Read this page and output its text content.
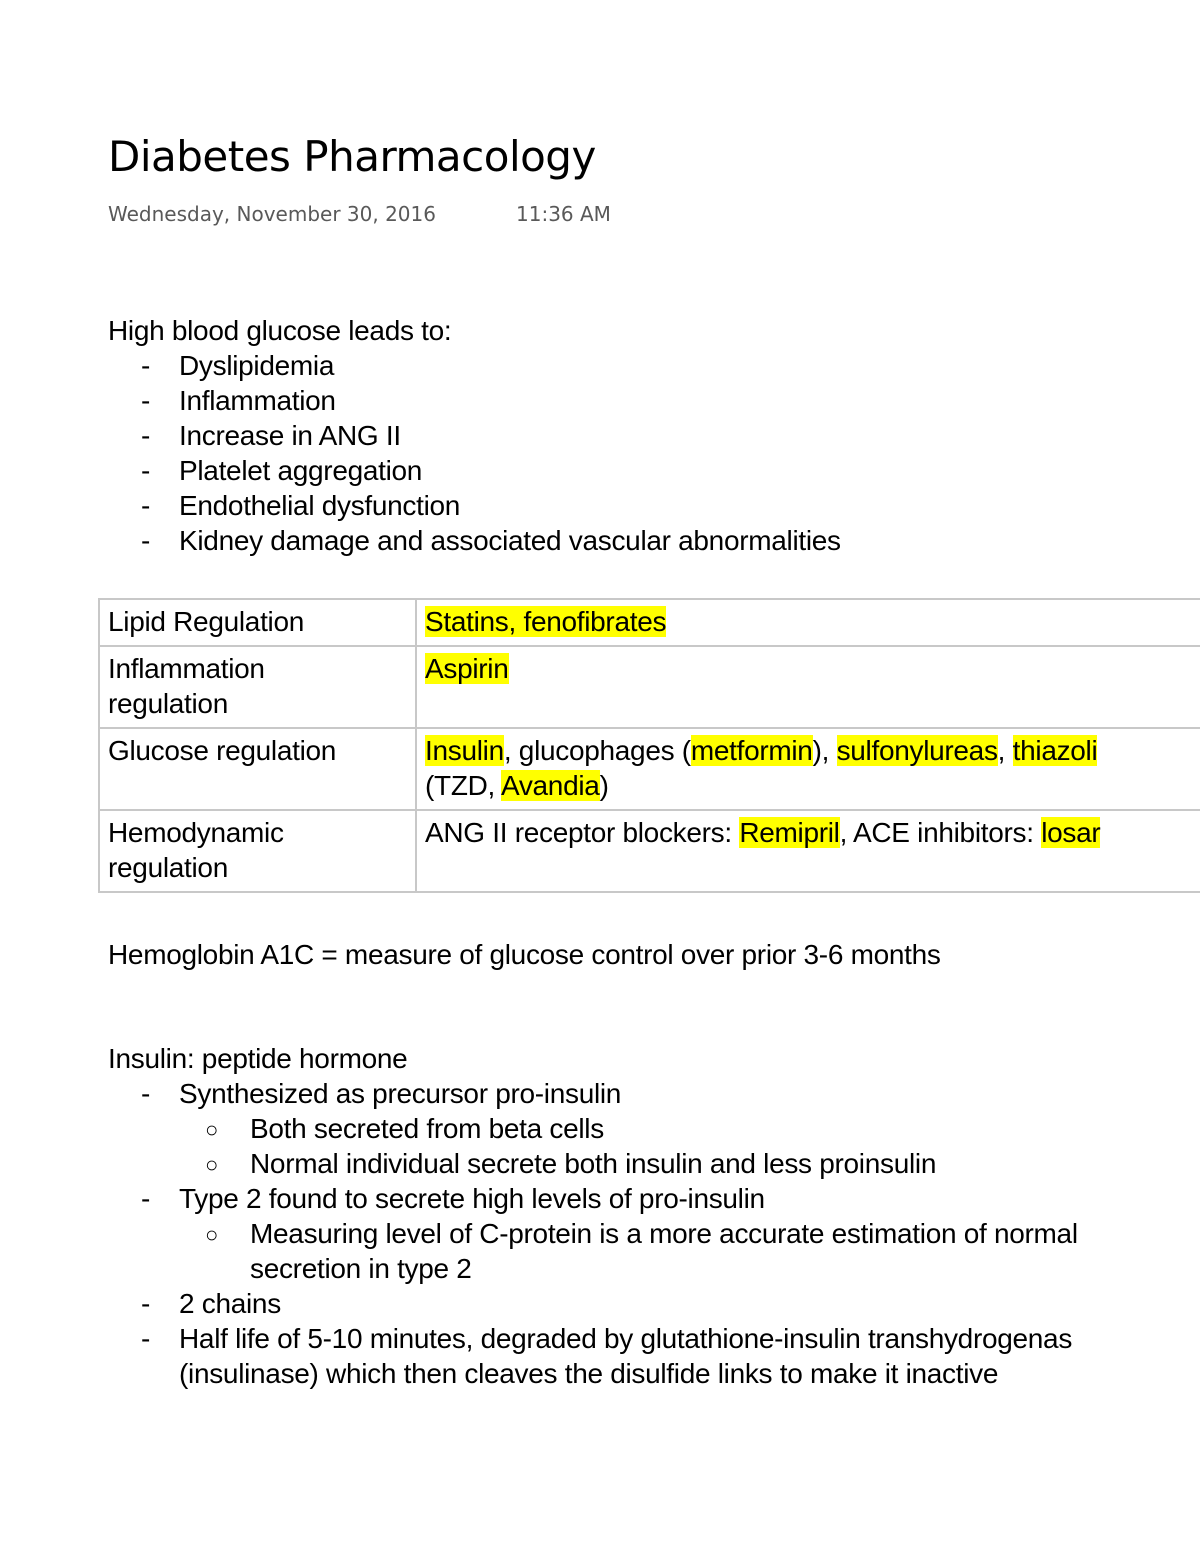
Diabetes Pharmacology
Wednesday, November 30, 2016	11:36 AM
High blood glucose leads to:
- Dyslipidemia
- Inflammation
- Increase in ANG II
- Platelet aggregation
- Endothelial dysfunction
- Kidney damage and associated vascular abnormalities
Lipid Regulation	Statins, fenofibrates

Inflammation
regulation	Aspirin
Glucose regulation	Insulin, glucophages (metformin), sulfonylureas, thiazoli
(TZD, Avandia)

Hemodynamic
regulation	ANG II receptor blockers: Remipril, ACE inhibitors: losar
Hemoglobin A1C = measure of glucose control over prior 3-6 months
Insulin: peptide hormone
- Synthesized as precursor pro-insulin
○ Both secreted from beta cells
○ Normal individual secrete both insulin and less proinsulin
- Type 2 found to secrete high levels of pro-insulin
○ Measuring level of C-protein is a more accurate estimation of normal
secretion in type 2
- 2 chains
- Half life of 5-10 minutes, degraded by glutathione-insulin transhydrogenas
(insulinase) which then cleaves the disulfide links to make it inactive
